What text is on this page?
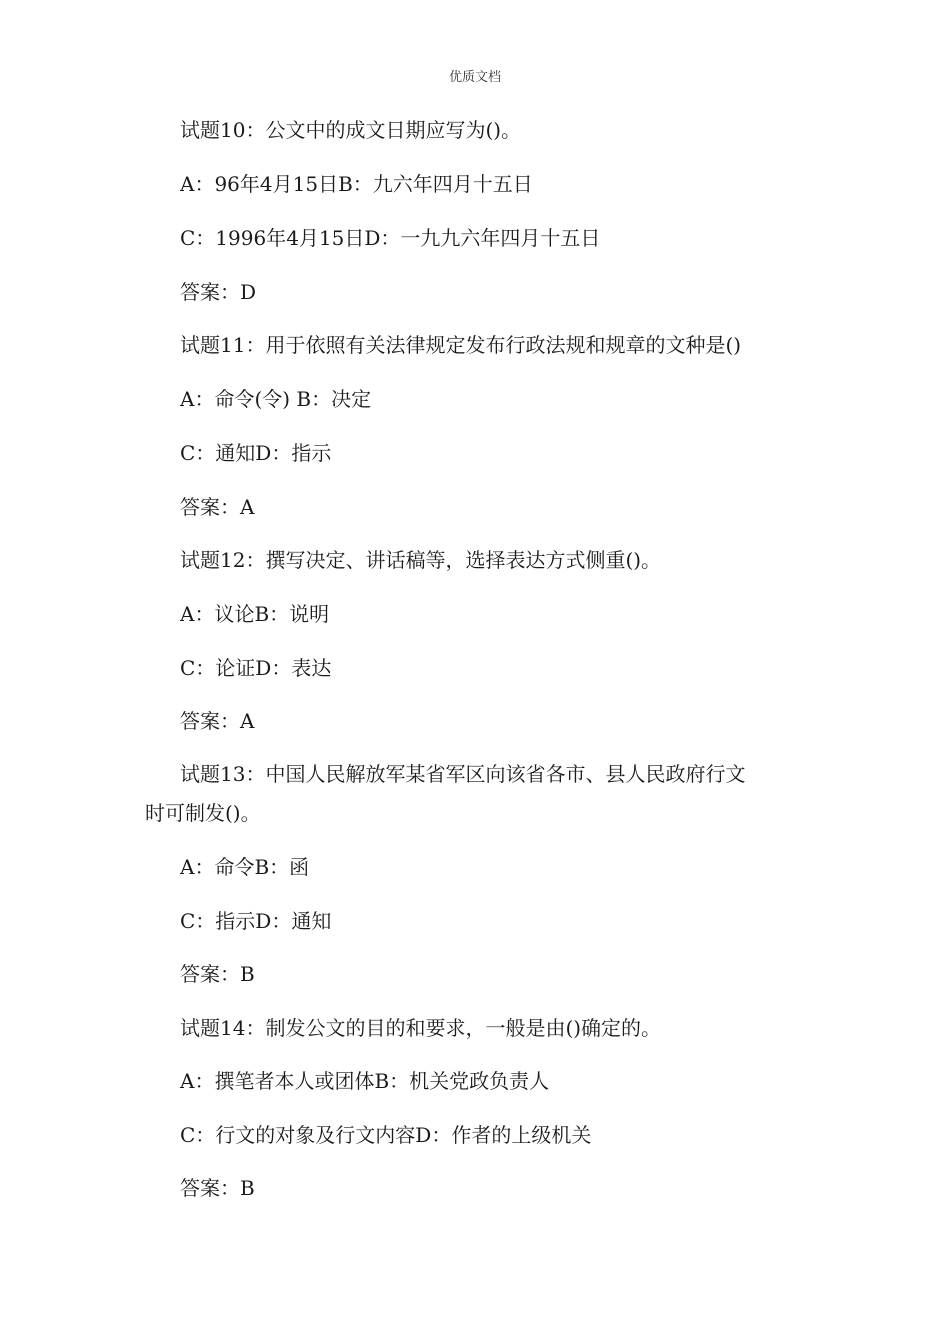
优质文档
试题10：公文中的成文日期应写为()。
A：96年4月15日B：九六年四月十五日
C：1996年4月15日D：一九九六年四月十五日
答案：D
试题11：用于依照有关法律规定发布行政法规和规章的文种是()
A：命令(令) B：决定
C：通知D：指示
答案：A
试题12：撰写决定、讲话稿等，选择表达方式侧重()。
A：议论B：说明
C：论证D：表达
答案：A
试题13：中国人民解放军某省军区向该省各市、县人民政府行文
时可制发()。
A：命令B：函
C：指示D：通知
答案：B
试题14：制发公文的目的和要求，一般是由()确定的。
A：撰笔者本人或团体B：机关党政负责人
C：行文的对象及行文内容D：作者的上级机关
答案：B
